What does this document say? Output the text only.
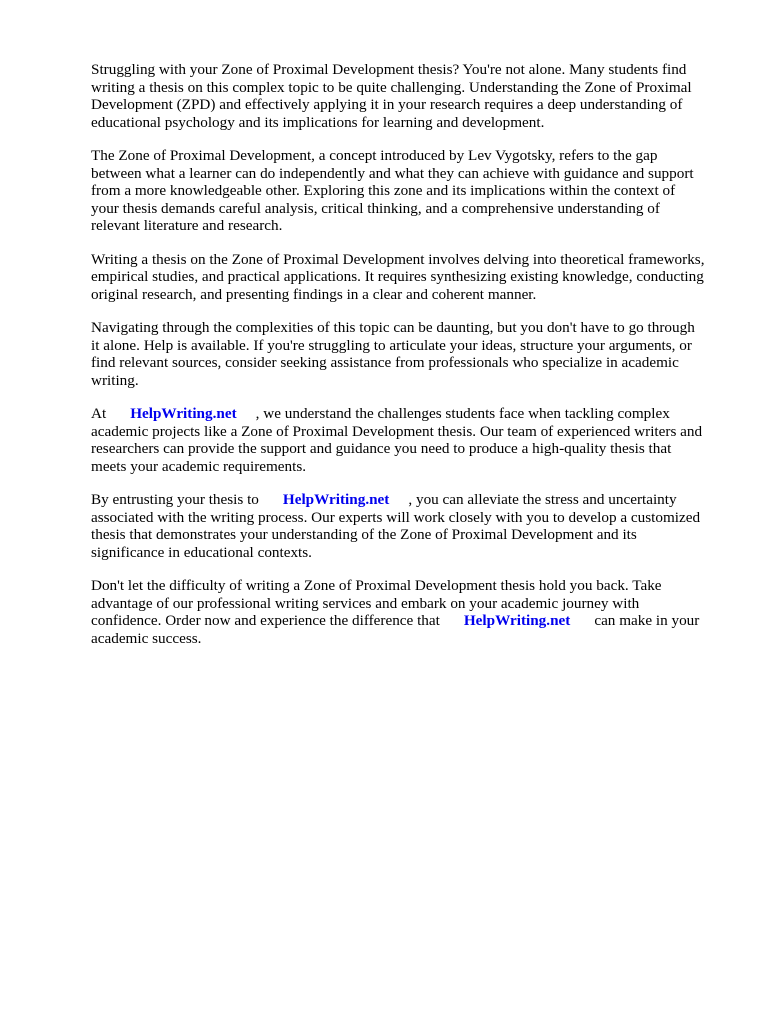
Struggling with your Zone of Proximal Development thesis? You're not alone. Many students find
writing a thesis on this complex topic to be quite challenging. Understanding the Zone of Proximal
Development (ZPD) and effectively applying it in your research requires a deep understanding of
educational psychology and its implications for learning and development.

The Zone of Proximal Development, a concept introduced by Lev Vygotsky, refers to the gap
between what a learner can do independently and what they can achieve with guidance and support
from a more knowledgeable other. Exploring this zone and its implications within the context of
your thesis demands careful analysis, critical thinking, and a comprehensive understanding of
relevant literature and research.

Writing a thesis on the Zone of Proximal Development involves delving into theoretical frameworks,
empirical studies, and practical applications. It requires synthesizing existing knowledge, conducting
original research, and presenting findings in a clear and coherent manner.

Navigating through the complexities of this topic can be daunting, but you don't have to go through
it alone. Help is available. If you're struggling to articulate your ideas, structure your arguments, or
find relevant sources, consider seeking assistance from professionals who specialize in academic
writing.

At HelpWriting.net , we understand the challenges students face when tackling complex
academic projects like a Zone of Proximal Development thesis. Our team of experienced writers and
researchers can provide the support and guidance you need to produce a high-quality thesis that
meets your academic requirements.
By entrusting your thesis to HelpWriting.net , you can alleviate the stress and uncertainty
associated with the writing process. Our experts will work closely with you to develop a customized
thesis that demonstrates your understanding of the Zone of Proximal Development and its
significance in educational contexts.
Don't let the difficulty of writing a Zone of Proximal Development thesis hold you back. Take
advantage of our professional writing services and embark on your academic journey with
confidence. Order now and experience the difference that HelpWriting.net can make in your
academic success.
